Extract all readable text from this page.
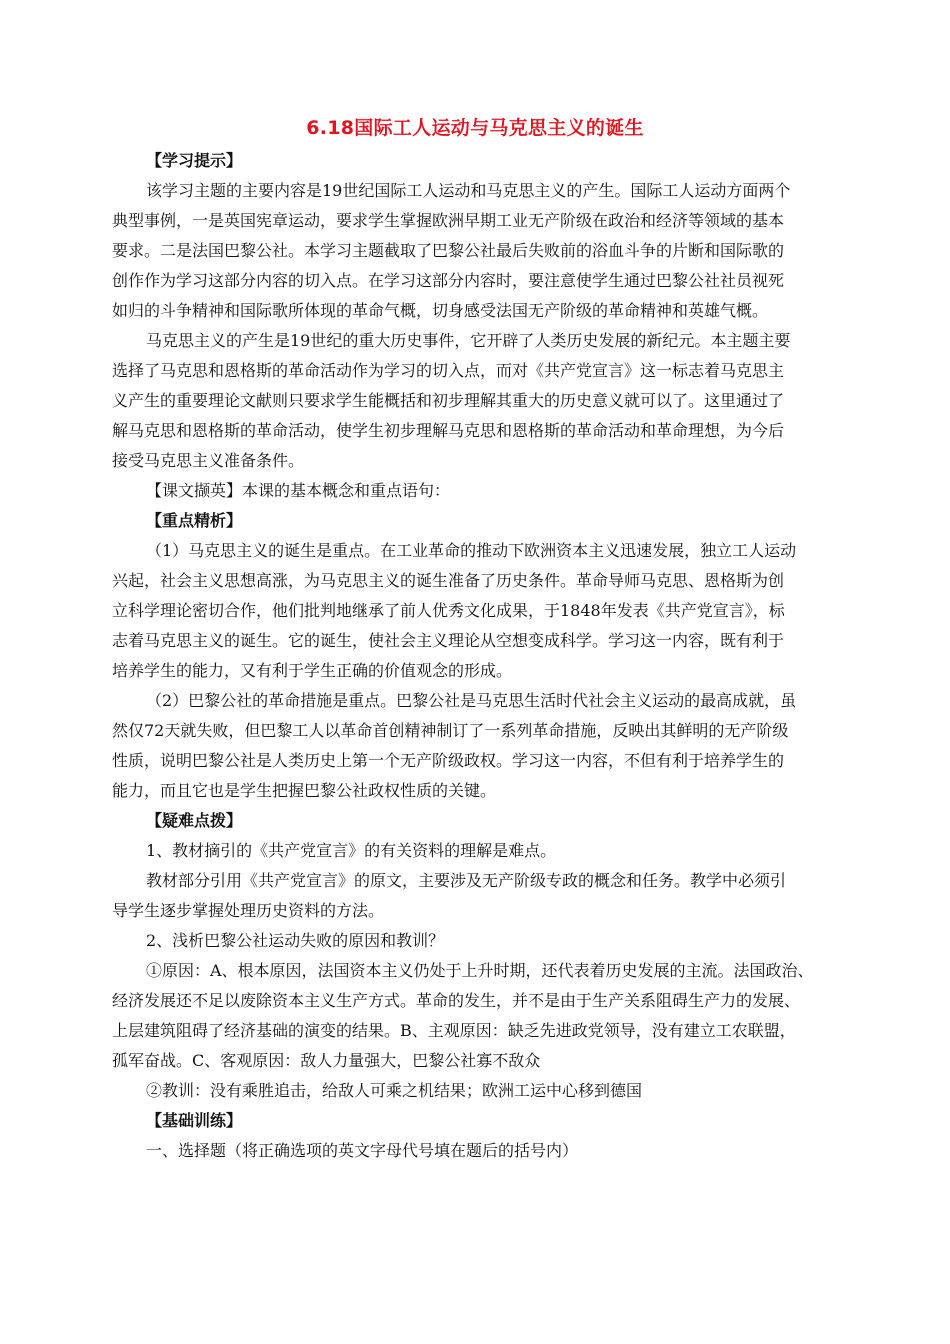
6.18国际工人运动与马克思主义的诞生
【学习提示】
该学习主题的主要内容是19世纪国际工人运动和马克思主义的产生。国际工人运动方面两个
典型事例，一是英国宪章运动，要求学生掌握欧洲早期工业无产阶级在政治和经济等领域的基本
要求。二是法国巴黎公社。本学习主题截取了巴黎公社最后失败前的浴血斗争的片断和国际歌的
创作作为学习这部分内容的切入点。在学习这部分内容时，要注意使学生通过巴黎公社社员视死
如归的斗争精神和国际歌所体现的革命气概，切身感受法国无产阶级的革命精神和英雄气概。
马克思主义的产生是19世纪的重大历史事件，它开辟了人类历史发展的新纪元。本主题主要
选择了马克思和恩格斯的革命活动作为学习的切入点，而对《共产党宣言》这一标志着马克思主
义产生的重要理论文献则只要求学生能概括和初步理解其重大的历史意义就可以了。这里通过了
解马克思和恩格斯的革命活动，使学生初步理解马克思和恩格斯的革命活动和革命理想，为今后
接受马克思主义准备条件。
【课文撷英】本课的基本概念和重点语句：
【重点精析】
（1）马克思主义的诞生是重点。在工业革命的推动下欧洲资本主义迅速发展，独立工人运动
兴起，社会主义思想高涨，为马克思主义的诞生准备了历史条件。革命导师马克思、恩格斯为创
立科学理论密切合作，他们批判地继承了前人优秀文化成果，于1848年发表《共产党宣言》，标
志着马克思主义的诞生。它的诞生，使社会主义理论从空想变成科学。学习这一内容，既有利于
培养学生的能力，又有利于学生正确的价值观念的形成。
（2）巴黎公社的革命措施是重点。巴黎公社是马克思生活时代社会主义运动的最高成就，虽
然仅72天就失败，但巴黎工人以革命首创精神制订了一系列革命措施，反映出其鲜明的无产阶级
性质，说明巴黎公社是人类历史上第一个无产阶级政权。学习这一内容，不但有利于培养学生的
能力，而且它也是学生把握巴黎公社政权性质的关键。
【疑难点拨】
1、教材摘引的《共产党宣言》的有关资料的理解是难点。
教材部分引用《共产党宣言》的原文，主要涉及无产阶级专政的概念和任务。教学中必须引
导学生逐步掌握处理历史资料的方法。
2、浅析巴黎公社运动失败的原因和教训？
①原因：A、根本原因，法国资本主义仍处于上升时期，还代表着历史发展的主流。法国政治、
经济发展还不足以废除资本主义生产方式。革命的发生，并不是由于生产关系阻碍生产力的发展、
上层建筑阻碍了经济基础的演变的结果。B、主观原因：缺乏先进政党领导，没有建立工农联盟，
孤军奋战。C、客观原因：敌人力量强大，巴黎公社寡不敌众
②教训：没有乘胜追击，给敌人可乘之机结果；欧洲工运中心移到德国
【基础训练】
一、选择题（将正确选项的英文字母代号填在题后的括号内）
